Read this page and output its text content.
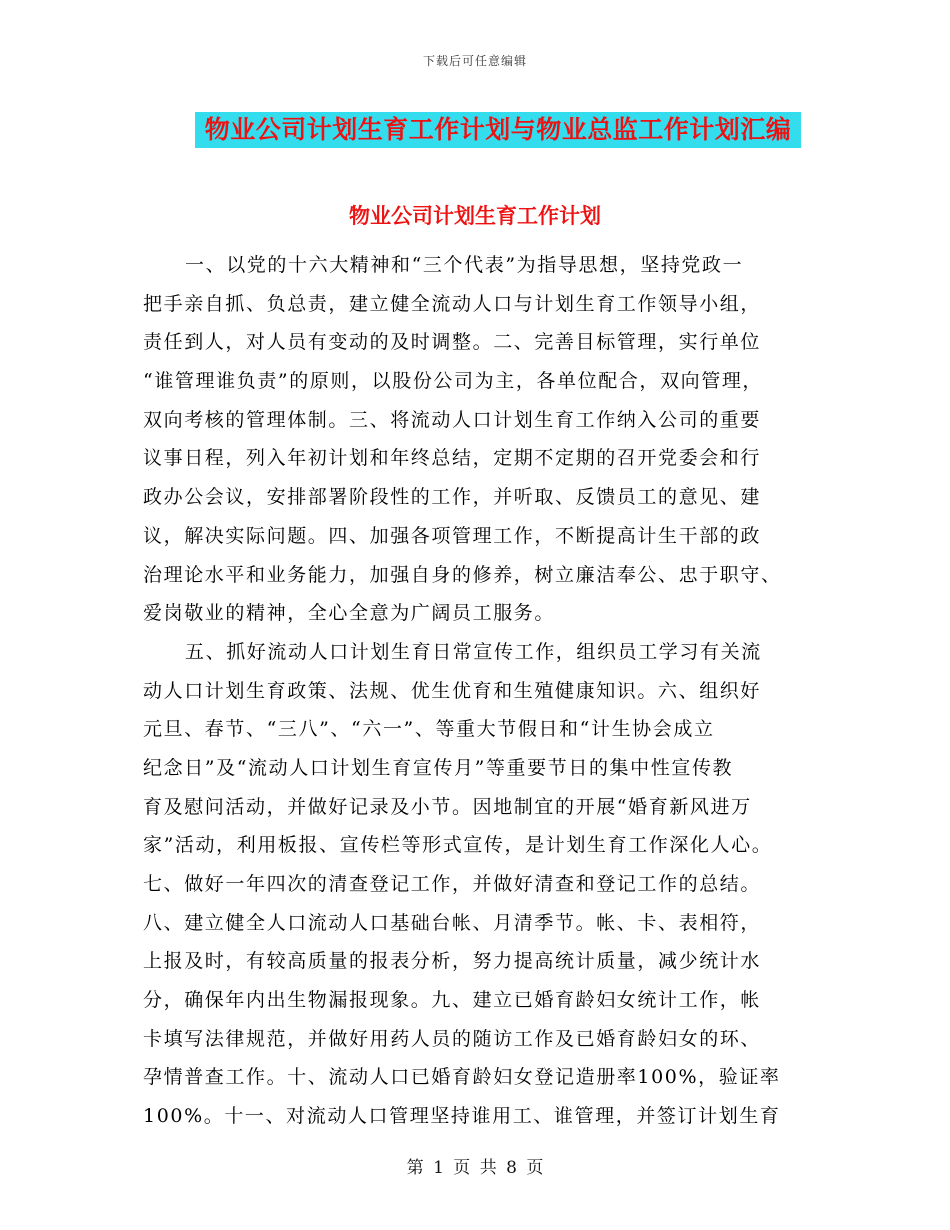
下载后可任意编辑
物业公司计划生育工作计划与物业总监工作计划汇编
物业公司计划生育工作计划
一、以党的十六大精神和“三个代表”为指导思想，坚持党政一
把手亲自抓、负总责，建立健全流动人口与计划生育工作领导小组，
责任到人，对人员有变动的及时调整。二、完善目标管理，实行单位
“谁管理谁负责”的原则，以股份公司为主，各单位配合，双向管理，
双向考核的管理体制。三、将流动人口计划生育工作纳入公司的重要
议事日程，列入年初计划和年终总结，定期不定期的召开党委会和行
政办公会议，安排部署阶段性的工作，并听取、反馈员工的意见、建
议，解决实际问题。四、加强各项管理工作，不断提高计生干部的政
治理论水平和业务能力，加强自身的修养，树立廉洁奉公、忠于职守、
爱岗敬业的精神，全心全意为广阔员工服务。
五、抓好流动人口计划生育日常宣传工作，组织员工学习有关流
动人口计划生育政策、法规、优生优育和生殖健康知识。六、组织好
元旦、春节、“三八”、“六一”、等重大节假日和“计生协会成立
纪念日”及“流动人口计划生育宣传月”等重要节日的集中性宣传教
育及慰问活动，并做好记录及小节。因地制宜的开展“婚育新风进万
家”活动，利用板报、宣传栏等形式宣传，是计划生育工作深化人心。
七、做好一年四次的清查登记工作，并做好清查和登记工作的总结。
八、建立健全人口流动人口基础台帐、月清季节。帐、卡、表相符，
上报及时，有较高质量的报表分析，努力提高统计质量，减少统计水
分，确保年内出生物漏报现象。九、建立已婚育龄妇女统计工作，帐
卡填写法律规范，并做好用药人员的随访工作及已婚育龄妇女的环、
孕情普查工作。十、流动人口已婚育龄妇女登记造册率100%，验证率
100%。十一、对流动人口管理坚持谁用工、谁管理，并签订计划生育
第 1 页 共 8 页
